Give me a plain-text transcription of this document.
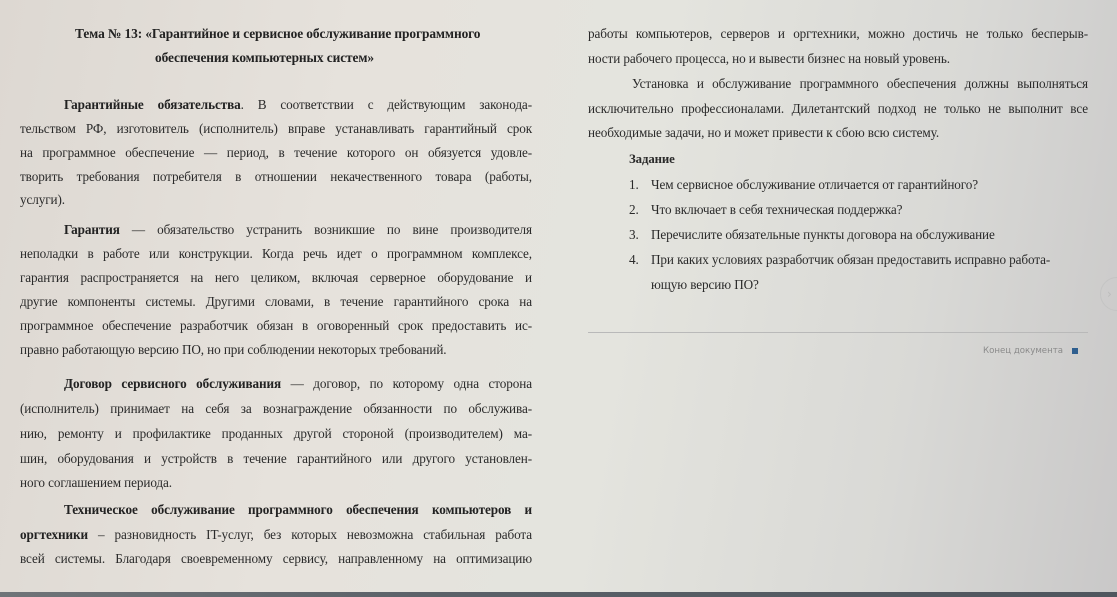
Тема № 13: «Гарантийное и сервисное обслуживание программного
обеспечения компьютерных систем»
Гарантийные обязательства. В соответствии с действующим законода-
тельством РФ, изготовитель (исполнитель) вправе устанавливать гарантийный срок
на программное обеспечение — период, в течение которого он обязуется удовле-
творить требования потребителя в отношении некачественного товара (работы,
услуги).
Гарантия — обязательство устранить возникшие по вине производителя
неполадки в работе или конструкции. Когда речь идет о программном комплексе,
гарантия распространяется на него целиком, включая серверное оборудование и
другие компоненты системы. Другими словами, в течение гарантийного срока на
программное обеспечение разработчик обязан в оговоренный срок предоставить ис-
правно работающую версию ПО, но при соблюдении некоторых требований.
Договор сервисного обслуживания — договор, по которому одна сторона
(исполнитель) принимает на себя за вознаграждение обязанности по обслужива-
нию, ремонту и профилактике проданных другой стороной (производителем) ма-
шин, оборудования и устройств в течение гарантийного или другого установлен-
ного соглашением периода.
Техническое обслуживание программного обеспечения компьютеров и
оргтехники – разновидность IT-услуг, без которых невозможна стабильная работа
всей системы. Благодаря своевременному сервису, направленному на оптимизацию
работы компьютеров, серверов и оргтехники, можно достичь не только бесперыв-
ности рабочего процесса, но и вывести бизнес на новый уровень.
Установка и обслуживание программного обеспечения должны выполняться
исключительно профессионалами. Дилетантский подход не только не выполнит все
необходимые задачи, но и может привести к сбою всю систему.
Задание
1. Чем сервисное обслуживание отличается от гарантийного?
2. Что включает в себя техническая поддержка?
3. Перечислите обязательные пункты договора на обслуживание
4. При каких условиях разработчик обязан предоставить исправно работа-
ющую версию ПО?
Конец документа
›
